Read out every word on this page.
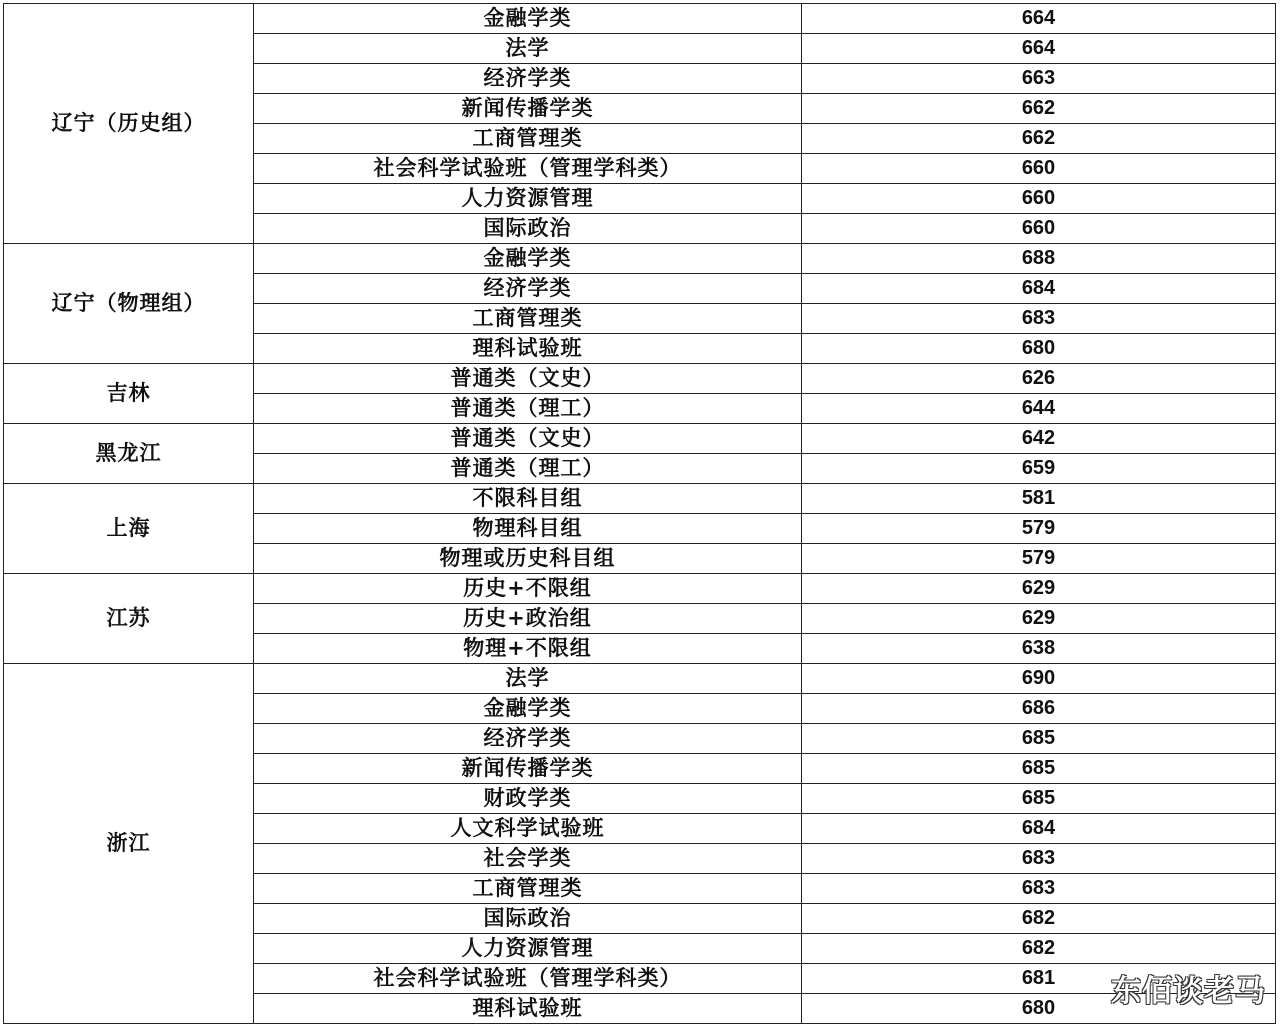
辽宁（历史组）	金融学类	664
	法学	664
	经济学类	663
	新闻传播学类	662
	工商管理类	662
	社会科学试验班（管理学科类）	660
	人力资源管理	660
	国际政治	660
辽宁（物理组）	金融学类	688
	经济学类	684
	工商管理类	683
	理科试验班	680
吉林	普通类（文史）	626
	普通类（理工）	644
黑龙江	普通类（文史）	642
	普通类（理工）	659
上海	不限科目组	581
	物理科目组	579
	物理或历史科目组	579
江苏	历史+不限组	629
	历史+政治组	629
	物理+不限组	638
浙江	法学	690
	金融学类	686
	经济学类	685
	新闻传播学类	685
	财政学类	685
	人文科学试验班	684
	社会学类	683
	工商管理类	683
	国际政治	682
	人力资源管理	682
	社会科学试验班（管理学科类）	681
	理科试验班	680 东佰谈老马
